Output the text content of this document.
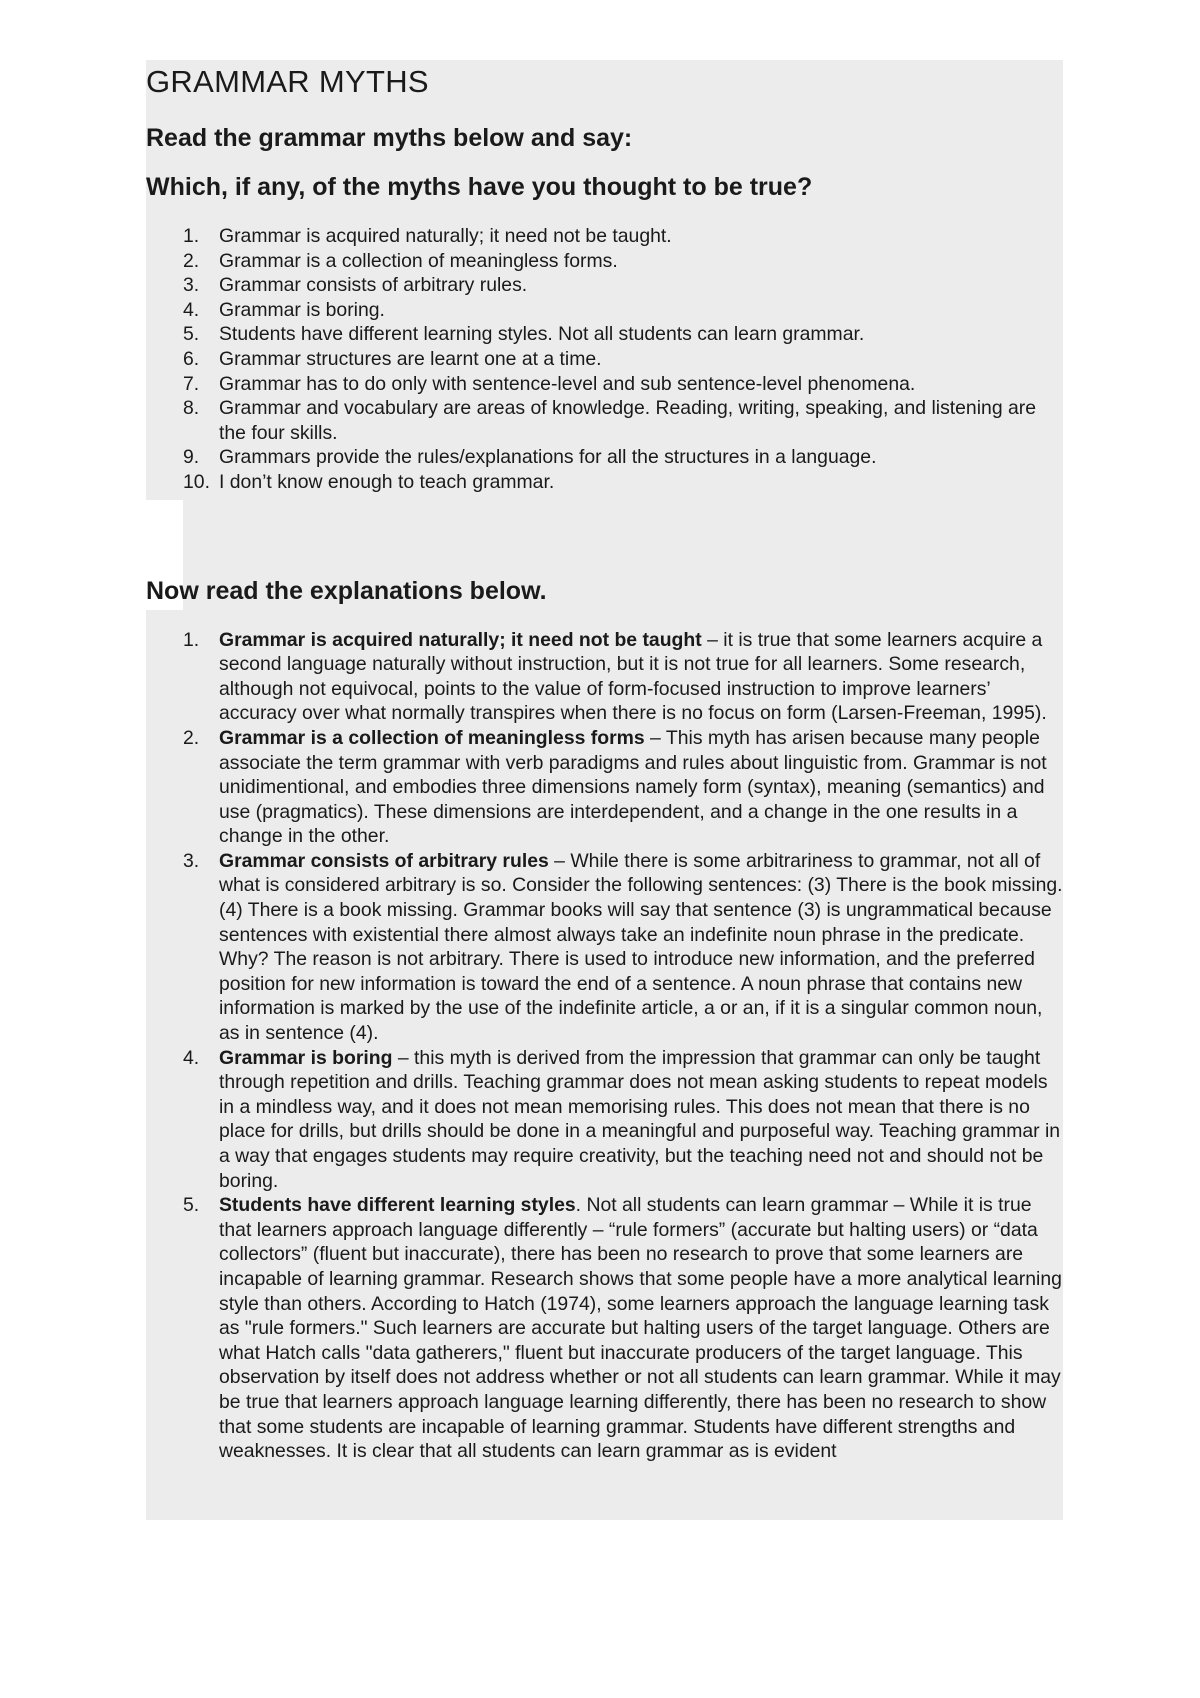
GRAMMAR MYTHS
Read the grammar myths below and say:
Which, if any, of the myths have you thought to be true?
1.	Grammar is acquired naturally; it need not be taught.
2.	Grammar is a collection of meaningless forms.
3.	Grammar consists of arbitrary rules.
4.	Grammar is boring.
5.	Students have different learning styles. Not all students can learn grammar.
6.	Grammar structures are learnt one at a time.
7.	Grammar has to do only with sentence-level and sub sentence-level phenomena.
8.	Grammar and vocabulary are areas of knowledge. Reading, writing, speaking, and listening are the four skills.
9.	Grammars provide the rules/explanations for all the structures in a language.
10. I don’t know enough to teach grammar.
Now read the explanations below.
1.	Grammar is acquired naturally; it need not be taught – it is true that some learners acquire a second language naturally without instruction, but it is not true for all learners. Some research, although not equivocal, points to the value of form-focused instruction to improve learners’ accuracy over what normally transpires when there is no focus on form (Larsen-Freeman, 1995).
2.	Grammar is a collection of meaningless forms – This myth has arisen because many people associate the term grammar with verb paradigms and rules about linguistic from. Grammar is not unidimentional, and embodies three dimensions namely form (syntax), meaning (semantics) and use (pragmatics). These dimensions are interdependent, and a change in the one results in a change in the other.
3.	Grammar consists of arbitrary rules – While there is some arbitrariness to grammar, not all of what is considered arbitrary is so. Consider the following sentences: (3) There is the book missing. (4) There is a book missing. Grammar books will say that sentence (3) is ungrammatical because sentences with existential there almost always take an indefinite noun phrase in the predicate. Why? The reason is not arbitrary. There is used to introduce new information, and the preferred position for new information is toward the end of a sentence. A noun phrase that contains new information is marked by the use of the indefinite article, a or an, if it is a singular common noun, as in sentence (4).
4.	Grammar is boring – this myth is derived from the impression that grammar can only be taught through repetition and drills. Teaching grammar does not mean asking students to repeat models in a mindless way, and it does not mean memorising rules. This does not mean that there is no place for drills, but drills should be done in a meaningful and purposeful way. Teaching grammar in a way that engages students may require creativity, but the teaching need not and should not be boring.
5.	Students have different learning styles. Not all students can learn grammar – While it is true that learners approach language differently – “rule formers” (accurate but halting users) or “data collectors” (fluent but inaccurate), there has been no research to prove that some learners are incapable of learning grammar. Research shows that some people have a more analytical learning style than others. According to Hatch (1974), some learners approach the language learning task as "rule formers." Such learners are accurate but halting users of the target language. Others are what Hatch calls "data gatherers," fluent but inaccurate producers of the target language. This observation by itself does not address whether or not all students can learn grammar. While it may be true that learners approach language learning differently, there has been no research to show that some students are incapable of learning grammar. Students have different strengths and weaknesses. It is clear that all students can learn grammar as is evident
